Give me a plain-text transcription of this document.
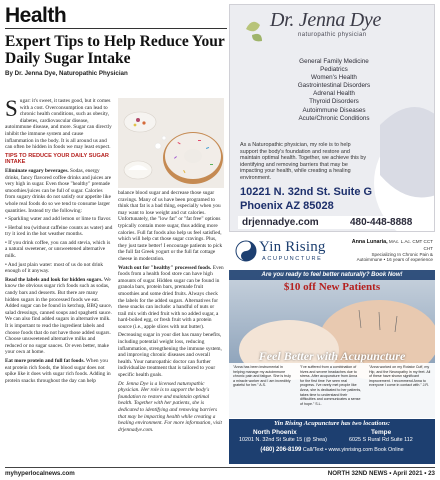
Health
Expert Tips to Help Reduce Your Daily Sugar Intake
By Dr. Jenna Dye, Naturopathic Physician

Sugar: it's sweet, it tastes good, but it comes with a cost. Overconsumption can lead to chronic health conditions, such as obesity, diabetes, cardiovascular disease, autoimmune disease, and more. Sugar can directly inhibit the immune system and cause inflammation in the body. It is all around us and can often be hidden in foods we may least expect.

TIPS TO REDUCE YOUR DAILY SUGAR INTAKE

Eliminate sugary beverages. Sodas, energy drinks, fancy flavored coffee drinks and juices are very high in sugar. Even those "healthy" premade smoothies/juices can be full of sugar. Calories from sugary drinks do not satisfy our appetite like whole real foods do so we tend to consume larger quantities. Instead try the following:

• Sparkling water and add lemon or lime to flavor.

• Herbal tea (without caffeine counts as water) and try it iced in the hot weather months.

• If you drink coffee, you can add stevia, which is a natural sweetener, or unsweetened alternative milk.

• And just plain water: most of us do not drink enough of it anyway.

Read the labels and look for hidden sugars. We know the obvious sugar rich foods such as sodas, candy bars and desserts. But there are many hidden sugars in the processed foods we eat. Added sugar can be found in ketchup, BBQ sauce, salad dressings, canned soups and spaghetti sauce. We can also find added sugars in alternative milk. It is important to read the ingredient labels and choose foods that do not have those added sugars. Choose unsweetened alternative milks and reduced or no sugar sauces. Or even better, make your own at home.

Eat more protein and full fat foods. When you eat protein rich foods, the blood sugar does not spike like it does with sugar rich foods. Adding in protein snacks throughout the day can help

balance blood sugar and decrease those sugar cravings. Many of us have been programed to think that fat is a bad thing, especially when you may want to lose weight and cut calories. Unfortunately, the "low fat" or "fat free" options typically contain more sugar, thus adding more calories. Full fat foods also help us feel satisfied, which will help cut those sugar cravings. Plus, they just taste better! I encourage patients to pick the full fat Greek yogurt or the full fat cottage cheese in moderation.

Watch out for "healthy" processed foods. Even foods from a health food store can have high amounts of sugar. Hidden sugar can be found in granola bars, protein bars, premade fruit smoothies and some dried fruits. Always check the labels for the added sugars. Alternatives for these snacks can include: a handful of nuts or trail mix with dried fruit with no added sugar, a hard-boiled egg, or fresh fruit with a protein source (i.e., apple slices with nut butter).

Decreasing sugar in your diet has many benefits, including potential weight loss, reducing inflammation, strengthening the immune system, and improving chronic diseases and overall health. Your naturopathic doctor can further individualize treatment that is tailored to your specific health goals.

Dr. Jenna Dye is a licensed naturopathic physician. Her role is to support the body's foundation to restore and maintain optimal health. Together with her patients, she is dedicated to identifying and removing barriers that may be impacting health while creating a healing environment. For more information, visit drjennadye.com.

Dr. Jenna Dye
naturopathic physician
General Family Medicine
Pediatrics
Women's Health
Gastrointestinal Disorders
Adrenal Health
Thyroid Disorders
Autoimmune Diseases
Acute/Chronic Conditions
As a Naturopathic physician, my role is to help support the body's foundation and restore and maintain optimal health. Together, we achieve this by identifying and removing barriers that may be impacting your health, while creating a healing environment.
10221 N. 32nd St. Suite G
Phoenix AZ 85028
drjennadye.com	480-448-8888
Yin Rising
ACUPUNCTURE
Anna Lunaria, MAc. L.Ac. CMT CCT CHT
Specializing In Chronic Pain &
Autoimmune • 16 years of experience
Are you ready to feel better naturally? Book Now!
$10 off New Patients
Feel Better with Acupuncture
"Anna has been instrumental in helping manage my autoimmune chronic pain and fatigue. She is truly a miracle worker and I am incredibly grateful for her." A.S.
"I've suffered from a combination of hives and severe headaches due to stress. After acupuncture from Anna for the first time I've seen real progress. I've rarely met people like Anna, she is dedicated to her patients, takes time to understand their difficulties and communicates a sense of hope." S.L.
"Anna worked on my Rotator Cuff, my Hip, and the Neuropathy in my feet. All of these have shown significant improvement. I recommend Anna to everyone I come in contact with." J.R.
Yin Rising Acupuncture has two locations:
North Phoenix
10201 N. 32nd St Suite 15 (@ Shea)
Tempe
6025 S Rural Rd Suite 112
(480) 206-8199 Call/Text • www.yinrising.com Book Online
myhyperlocalnews.com	NORTH 32ND NEWS • April 2021 • 23
